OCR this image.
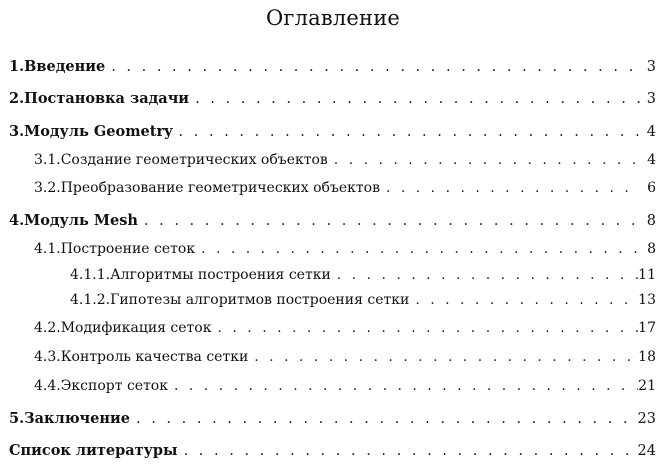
Оглавление
1. Введение . . .	3
2. Постановка задачи . . .	3
3. Модуль Geometry . . .	4
3.1. Создание геометрических объектов . . .	4
3.2. Преобразование геометрических объектов . . .	6
4. Модуль Mesh . . .	8
4.1. Построение сеток . . .	8
4.1.1. Алгоритмы построения сетки . . .	11
4.1.2. Гипотезы алгоритмов построения сетки . . .	13
4.2. Модификация сеток . . .	17
4.3. Контроль качества сетки . . .	18
4.4. Экспорт сеток . . .	21
5. Заключение . . .	23
Список литературы . . .	24
